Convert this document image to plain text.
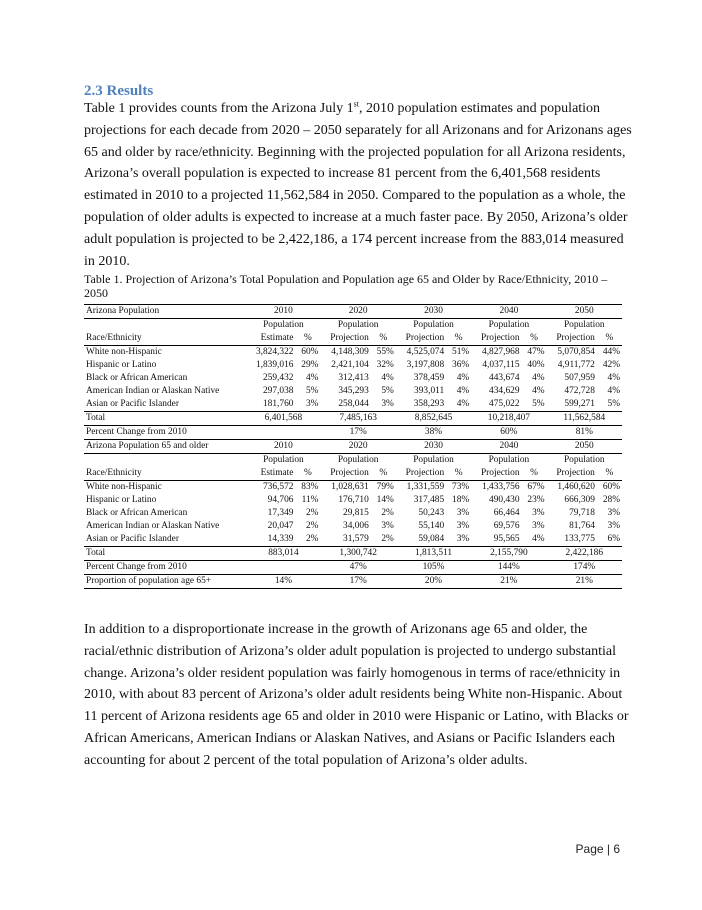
2.3 Results
Table 1 provides counts from the Arizona July 1st, 2010 population estimates and population projections for each decade from 2020 – 2050 separately for all Arizonans and for Arizonans ages 65 and older by race/ethnicity. Beginning with the projected population for all Arizona residents, Arizona’s overall population is expected to increase 81 percent from the 6,401,568 residents estimated in 2010 to a projected 11,562,584 in 2050. Compared to the population as a whole, the population of older adults is expected to increase at a much faster pace. By 2050, Arizona’s older adult population is projected to be 2,422,186, a 174 percent increase from the 883,014 measured in 2010.
Table 1. Projection of Arizona’s Total Population and Population age 65 and Older by Race/Ethnicity, 2010 – 2050
Arizona Population	2010		2020		2030		2040		2050	
	Population		Population		Population		Population		Population	
Race/Ethnicity	Estimate	%	Projection	%	Projection	%	Projection	%	Projection	%
White non-Hispanic	3,824,322	60%	4,148,309	55%	4,525,074	51%	4,827,968	47%	5,070,854	44%
Hispanic or Latino	1,839,016	29%	2,421,104	32%	3,197,808	36%	4,037,115	40%	4,911,772	42%
Black or African American	259,432	4%	312,413	4%	378,459	4%	443,674	4%	507,959	4%
American Indian or Alaskan Native	297,038	5%	345,293	5%	393,011	4%	434,629	4%	472,728	4%
Asian or Pacific Islander	181,760	3%	258,044	3%	358,293	4%	475,022	5%	599,271	5%
Total	6,401,568		7,485,163		8,852,645		10,218,407		11,562,584	
Percent Change from 2010			17%		38%		60%		81%	
Arizona Population 65 and older	2010		2020		2030		2040		2050	
	Population		Population		Population		Population		Population	
Race/Ethnicity	Estimate	%	Projection	%	Projection	%	Projection	%	Projection	%
White non-Hispanic	736,572	83%	1,028,631	79%	1,331,559	73%	1,433,756	67%	1,460,620	60%
Hispanic or Latino	94,706	11%	176,710	14%	317,485	18%	490,430	23%	666,309	28%
Black or African American	17,349	2%	29,815	2%	50,243	3%	66,464	3%	79,718	3%
American Indian or Alaskan Native	20,047	2%	34,006	3%	55,140	3%	69,576	3%	81,764	3%
Asian or Pacific Islander	14,339	2%	31,579	2%	59,084	3%	95,565	4%	133,775	6%
Total	883,014		1,300,742		1,813,511		2,155,790		2,422,186	
Percent Change from 2010			47%		105%		144%		174%	
Proportion of population age 65+	14%		17%		20%		21%		21%	
In addition to a disproportionate increase in the growth of Arizonans age 65 and older, the racial/ethnic distribution of Arizona’s older adult population is projected to undergo substantial change. Arizona’s older resident population was fairly homogenous in terms of race/ethnicity in 2010, with about 83 percent of Arizona’s older adult residents being White non-Hispanic. About 11 percent of Arizona residents age 65 and older in 2010 were Hispanic or Latino, with Blacks or African Americans, American Indians or Alaskan Natives, and Asians or Pacific Islanders each accounting for about 2 percent of the total population of Arizona’s older adults.
Page | 6
